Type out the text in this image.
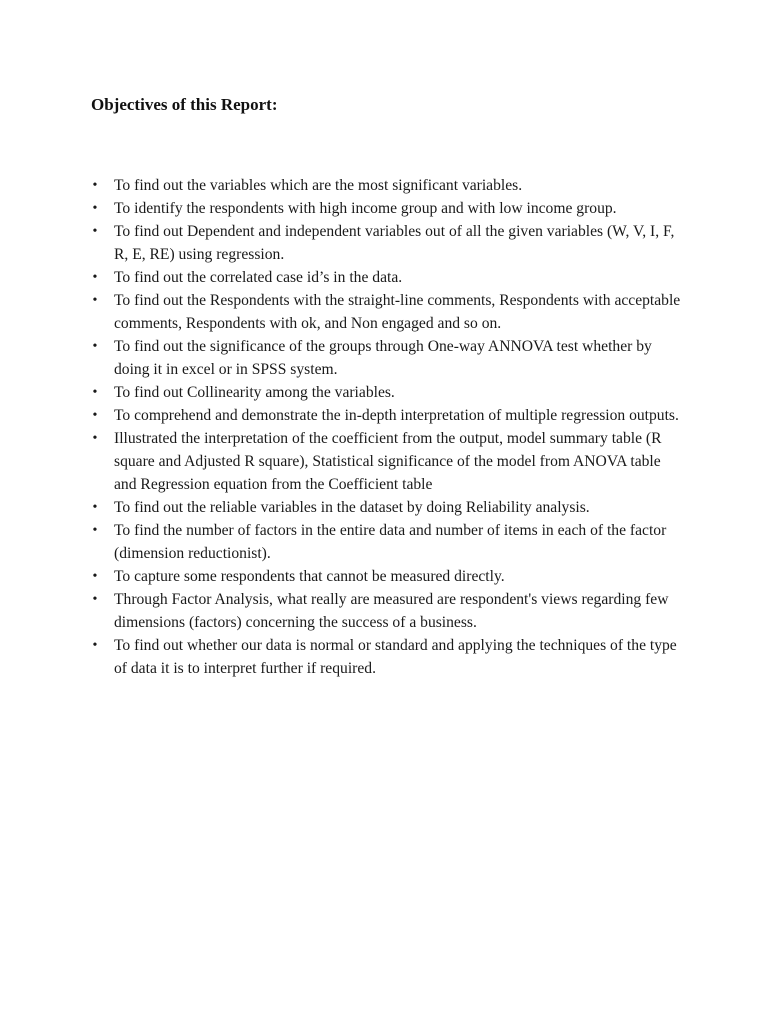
Objectives of this Report:
• To find out the variables which are the most significant variables.
• To identify the respondents with high income group and with low income group.
• To find out Dependent and independent variables out of all the given variables (W, V, I, F, R, E, RE) using regression.
• To find out the correlated case id’s in the data.
• To find out the Respondents with the straight-line comments, Respondents with acceptable comments, Respondents with ok, and Non engaged and so on.
• To find out the significance of the groups through One-way ANNOVA test whether by doing it in excel or in SPSS system.
• To find out Collinearity among the variables.
• To comprehend and demonstrate the in-depth interpretation of multiple regression outputs.
• Illustrated the interpretation of the coefficient from the output, model summary table (R square and Adjusted R square), Statistical significance of the model from ANOVA table and Regression equation from the Coefficient table
• To find out the reliable variables in the dataset by doing Reliability analysis.
• To find the number of factors in the entire data and number of items in each of the factor (dimension reductionist).
• To capture some respondents that cannot be measured directly.
• Through Factor Analysis, what really are measured are respondent's views regarding few dimensions (factors) concerning the success of a business.
• To find out whether our data is normal or standard and applying the techniques of the type of data it is to interpret further if required.
